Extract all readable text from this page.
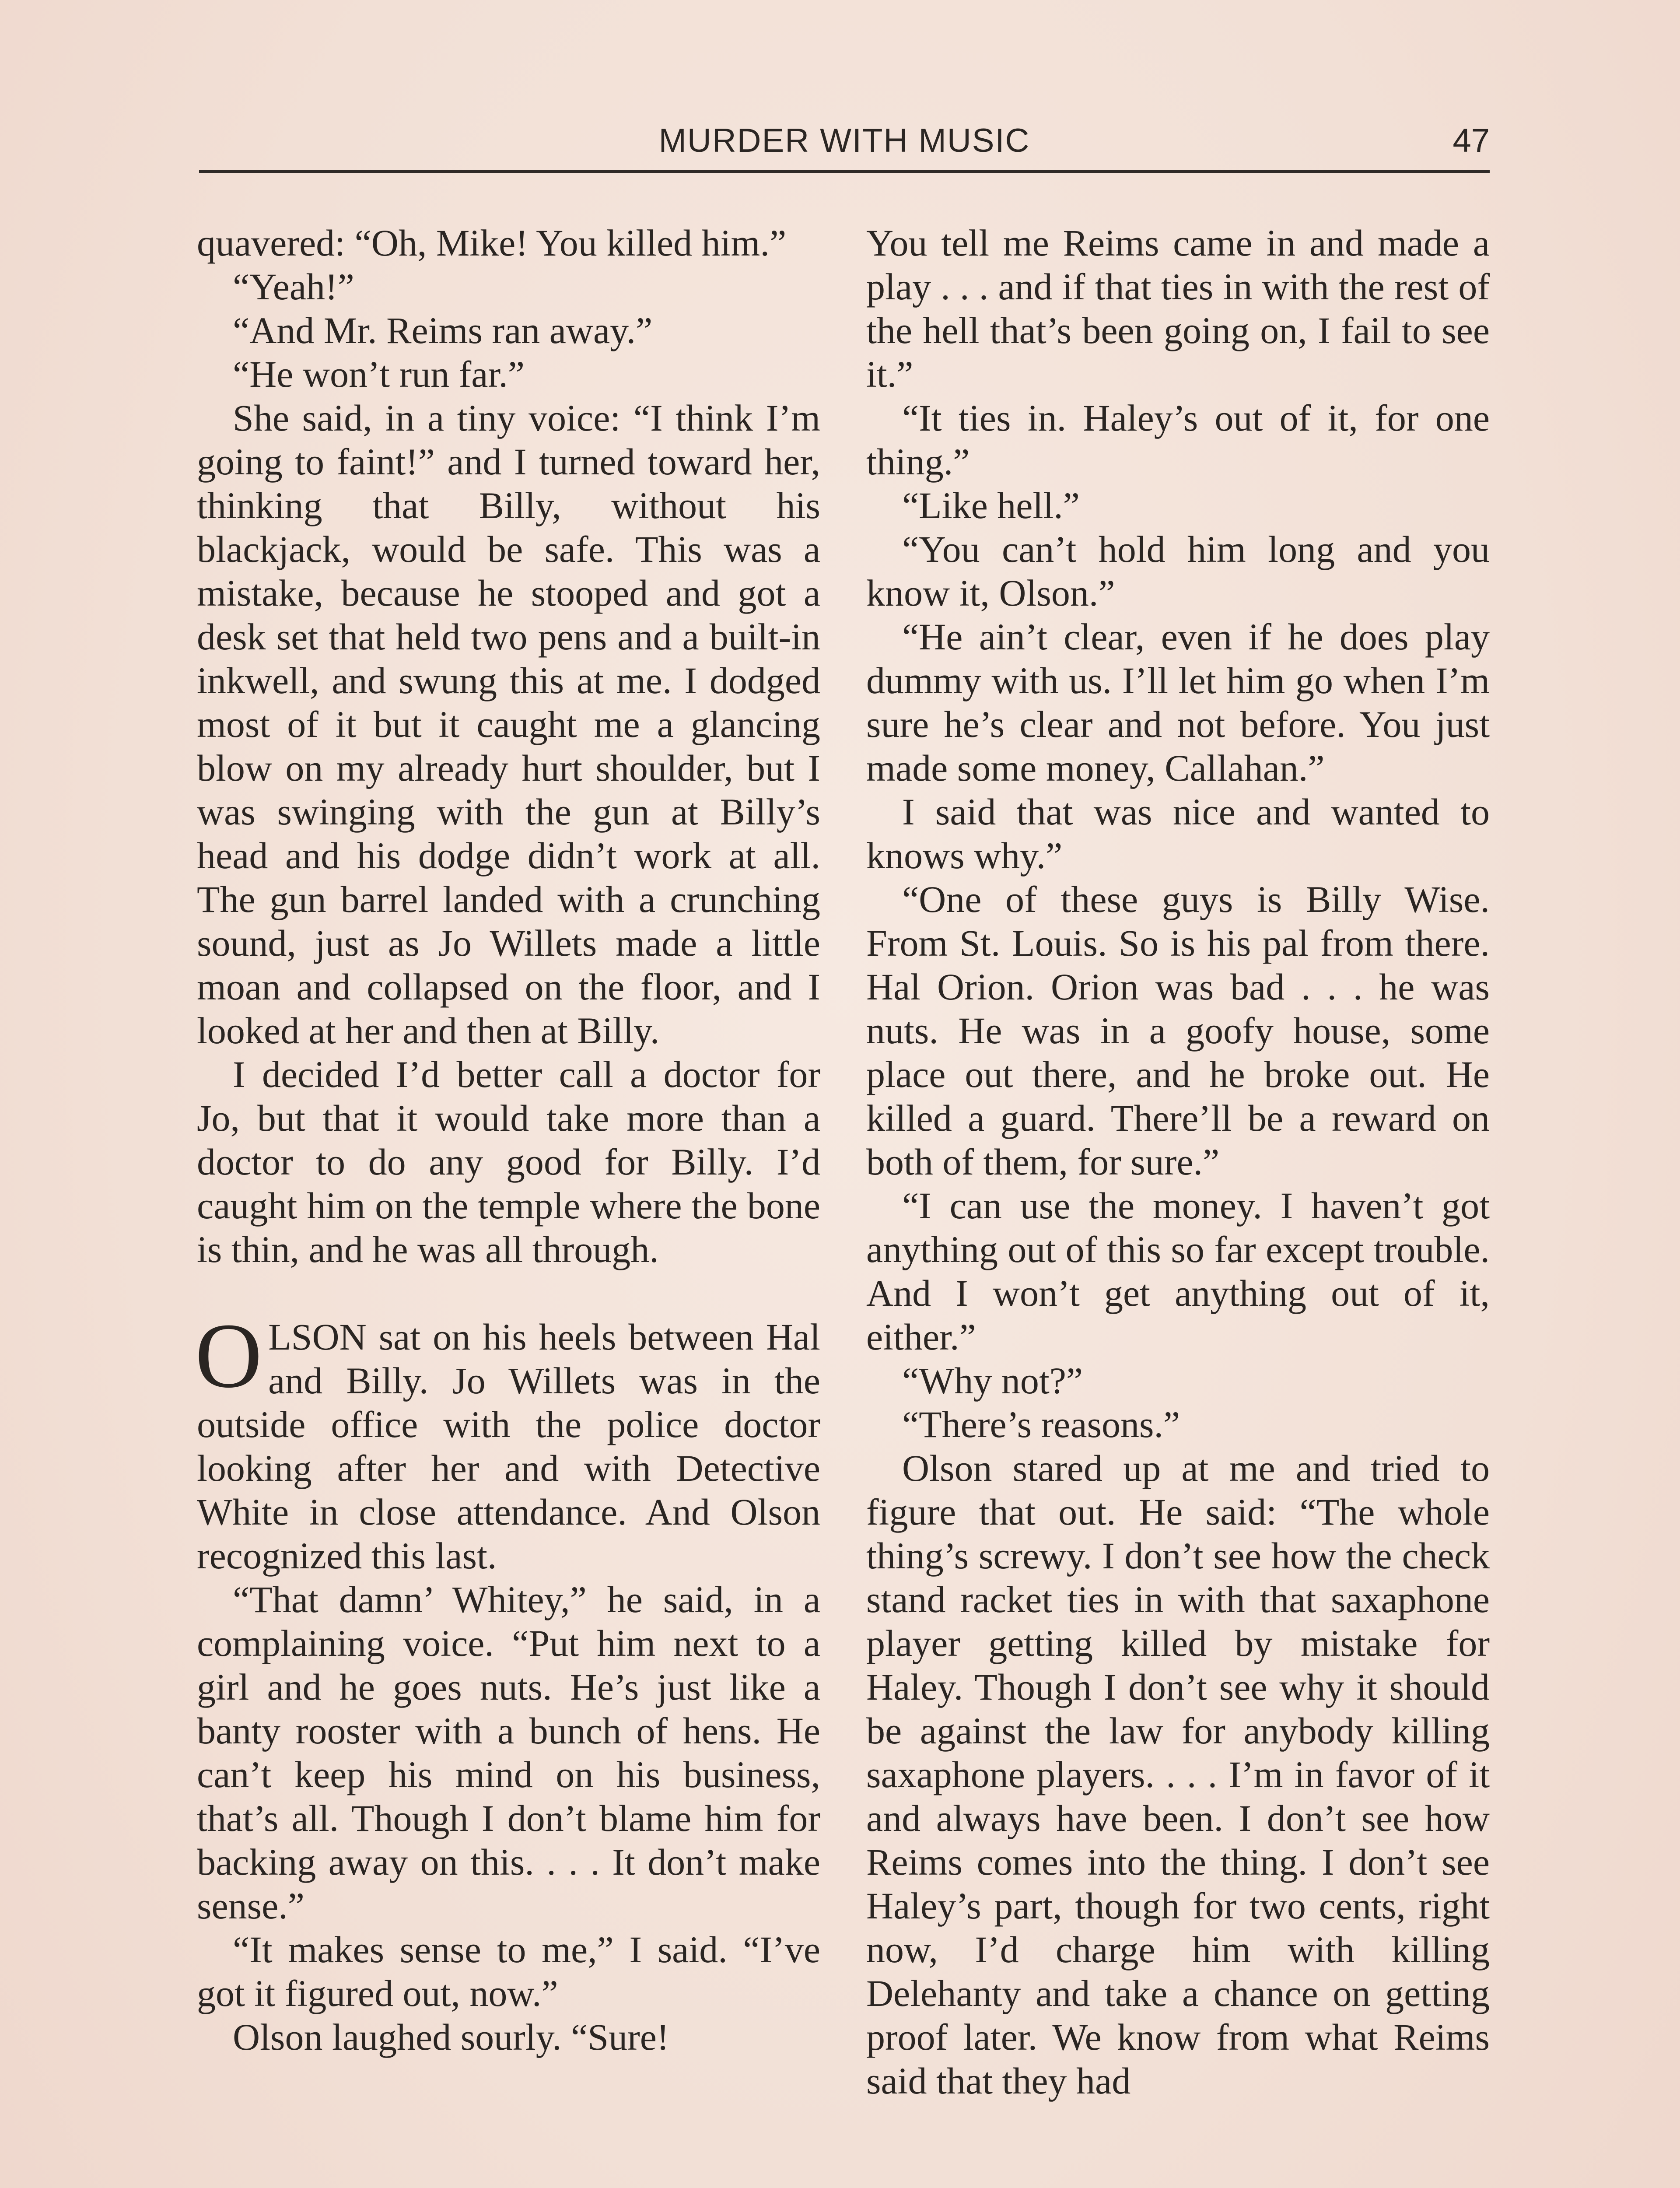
MURDER WITH MUSIC	47

quavered: “Oh, Mike! You killed him.”

“Yeah!”

“And Mr. Reims ran away.”

“He won’t run far.”

She said, in a tiny voice: “I think I’m going to faint!” and I turned toward her, thinking that Billy, without his blackjack, would be safe. This was a mistake, because he stooped and got a desk set that held two pens and a built-in inkwell, and swung this at me. I dodged most of it but it caught me a glancing blow on my already hurt shoulder, but I was swinging with the gun at Billy’s head and his dodge didn’t work at all. The gun barrel landed with a crunching sound, just as Jo Willets made a little moan and collapsed on the floor, and I looked at her and then at Billy.

I decided I’d better call a doctor for Jo, but that it would take more than a doctor to do any good for Billy. I’d caught him on the temple where the bone is thin, and he was all through.

OLSON sat on his heels between Hal and Billy. Jo Willets was in the outside office with the police doctor looking after her and with Detective White in close attendance. And Olson recognized this last.

“That damn’ Whitey,” he said, in a complaining voice. “Put him next to a girl and he goes nuts. He’s just like a banty rooster with a bunch of hens. He can’t keep his mind on his business, that’s all. Though I don’t blame him for backing away on this. . . . It don’t make sense.”

“It makes sense to me,” I said. “I’ve got it figured out, now.”

Olson laughed sourly. “Sure!

You tell me Reims came in and made a play . . . and if that ties in with the rest of the hell that’s been going on, I fail to see it.”

“It ties in. Haley’s out of it, for one thing.”

“Like hell.”

“You can’t hold him long and you know it, Olson.”

“He ain’t clear, even if he does play dummy with us. I’ll let him go when I’m sure he’s clear and not before. You just made some money, Callahan.”

I said that was nice and wanted to knows why.”

“One of these guys is Billy Wise. From St. Louis. So is his pal from there. Hal Orion. Orion was bad . . . he was nuts. He was in a goofy house, some place out there, and he broke out. He killed a guard. There’ll be a reward on both of them, for sure.”

“I can use the money. I haven’t got anything out of this so far except trouble. And I won’t get anything out of it, either.”

“Why not?”

“There’s reasons.”

Olson stared up at me and tried to figure that out. He said: “The whole thing’s screwy. I don’t see how the check stand racket ties in with that saxaphone player getting killed by mistake for Haley. Though I don’t see why it should be against the law for anybody killing saxaphone players. . . . I’m in favor of it and always have been. I don’t see how Reims comes into the thing. I don’t see Haley’s part, though for two cents, right now, I’d charge him with killing Delehanty and take a chance on getting proof later. We know from what Reims said that they had
